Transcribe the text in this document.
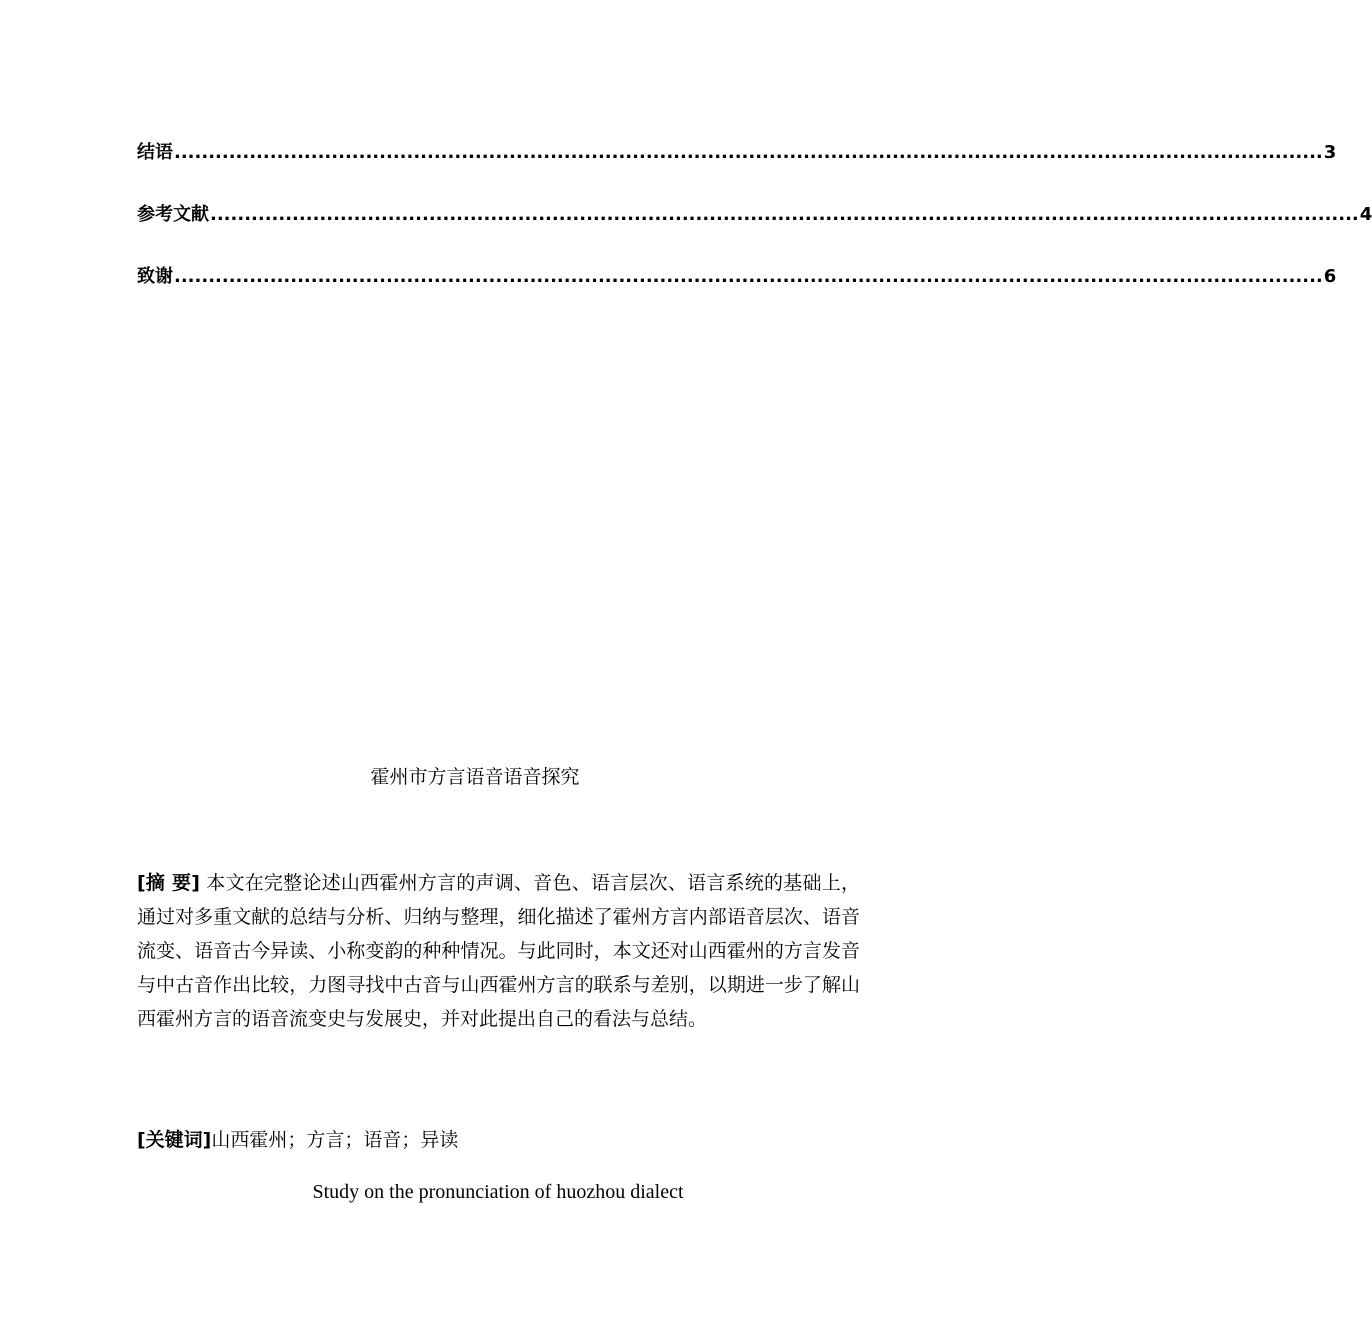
结语 ........................................................................................................................................................................ 3
参考文献 ........................................................................................................................................................................ 4
致谢 ........................................................................................................................................................................ 6
霍州市方言语音语音探究
[摘 要] 本文在完整论述山西霍州方言的声调、音色、语言层次、语言系统的基础上，通过对多重文献的总结与分析、归纳与整理，细化描述了霍州方言内部语音层次、语音流变、语音古今异读、小称变韵的种种情况。与此同时，本文还对山西霍州的方言发音与中古音作出比较，力图寻找中古音与山西霍州方言的联系与差别，以期进一步了解山西霍州方言的语音流变史与发展史，并对此提出自己的看法与总结。
[关键词]山西霍州；方言；语音；异读
Study on the pronunciation of huozhou dialect
